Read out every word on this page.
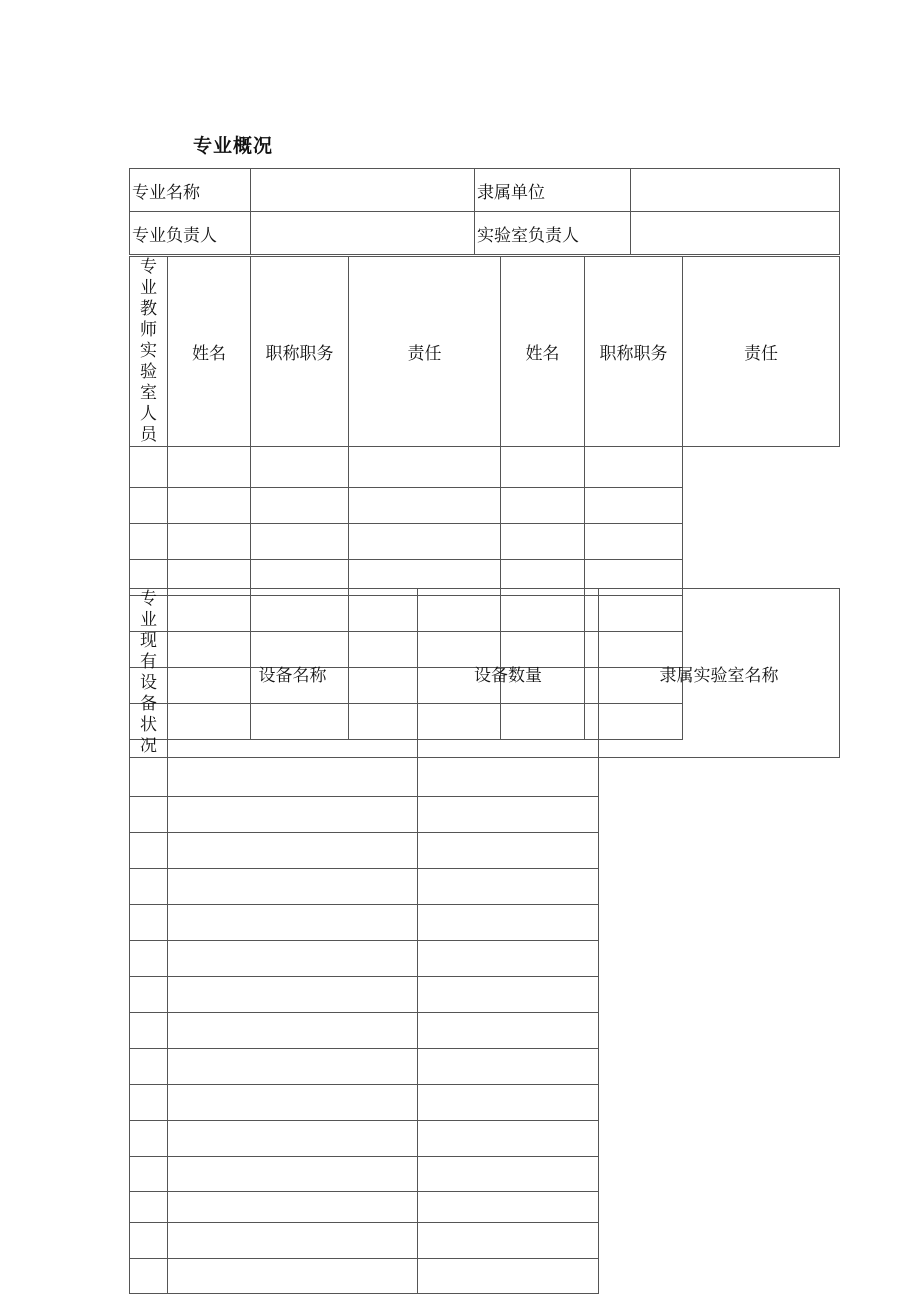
专业概况
专业名称		隶属单位	
专业负责人		实验室负责人	
专业教师实验室人员	姓名	职称职务	责任	姓名	职称职务	责任

专业现有设备状况	设备名称	设备数量	隶属实验室名称
